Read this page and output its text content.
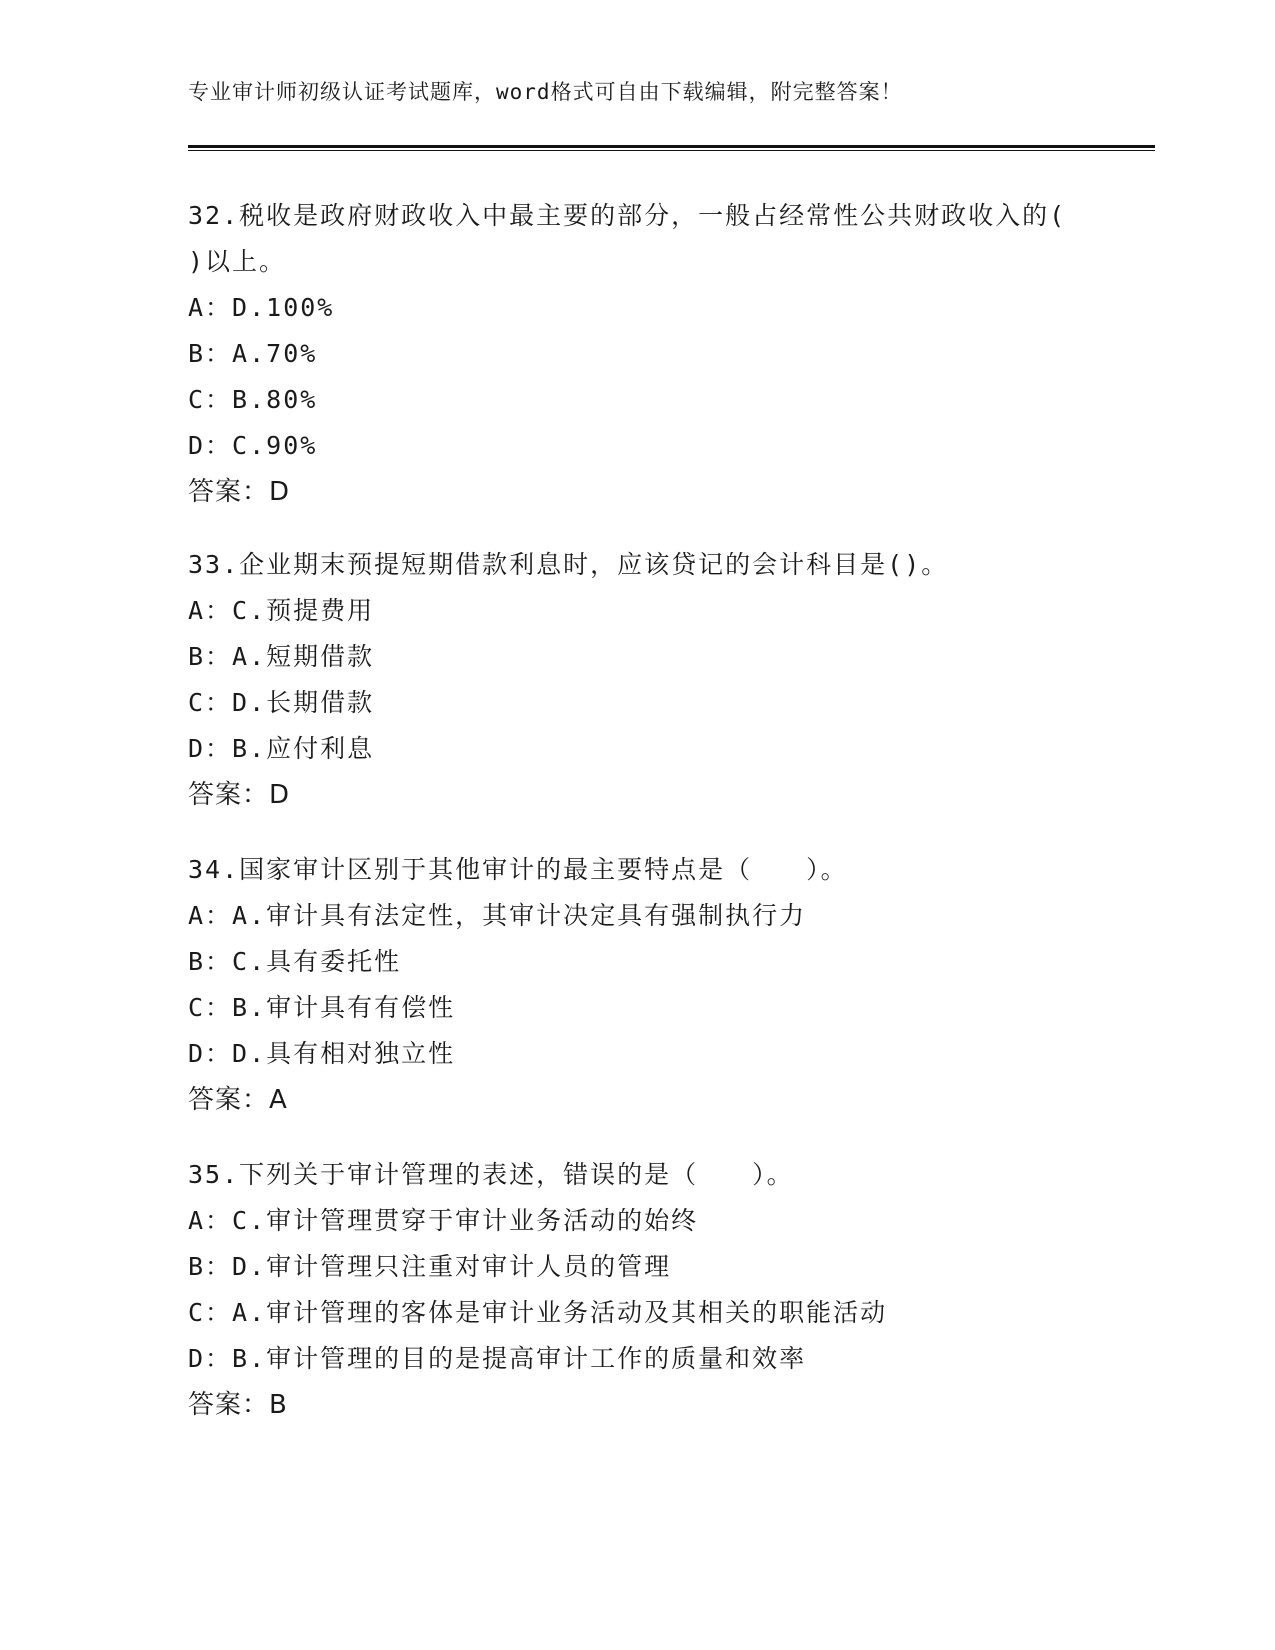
专业审计师初级认证考试题库，word格式可自由下载编辑，附完整答案！

32.税收是政府财政收入中最主要的部分，一般占经常性公共财政收入的( )以上。

A：D.100%
B：A.70%
C：B.80%
D：C.90%
答案：D

33.企业期末预提短期借款利息时，应该贷记的会计科目是()。

A：C.预提费用
B：A.短期借款
C：D.长期借款
D：B.应付利息
答案：D

34.国家审计区别于其他审计的最主要特点是（　　）。

A：A.审计具有法定性，其审计决定具有强制执行力
B：C.具有委托性
C：B.审计具有有偿性
D：D.具有相对独立性
答案：A

35.下列关于审计管理的表述，错误的是（　　）。

A：C.审计管理贯穿于审计业务活动的始终
B：D.审计管理只注重对审计人员的管理
C：A.审计管理的客体是审计业务活动及其相关的职能活动
D：B.审计管理的目的是提高审计工作的质量和效率
答案：B
